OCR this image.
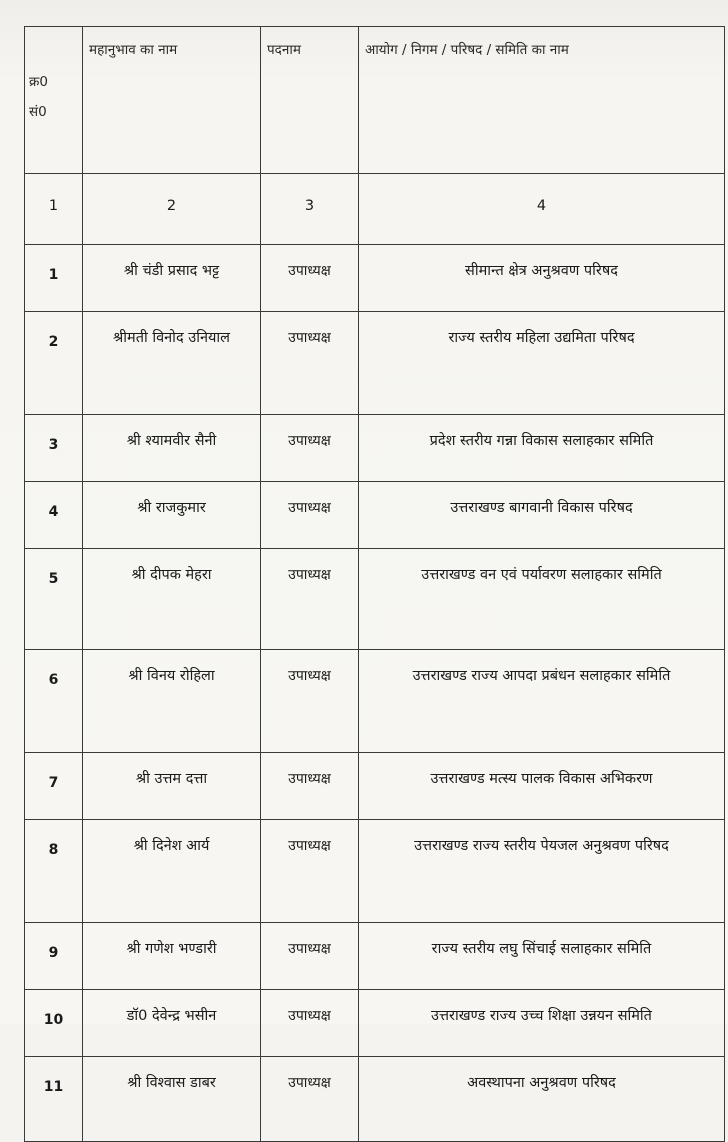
क्र0
सं0	महानुभाव का नाम	पदनाम	आयोग / निगम / परिषद / समिति का नाम
1	2	3	4
1	श्री चंडी प्रसाद भट्ट	उपाध्यक्ष	सीमान्त क्षेत्र अनुश्रवण परिषद
2	श्रीमती विनोद उनियाल	उपाध्यक्ष	राज्य स्तरीय महिला उद्यमिता परिषद
3	श्री श्यामवीर सैनी	उपाध्यक्ष	प्रदेश स्तरीय गन्ना विकास सलाहकार समिति
4	श्री राजकुमार	उपाध्यक्ष	उत्तराखण्ड बागवानी विकास परिषद
5	श्री दीपक मेहरा	उपाध्यक्ष	उत्तराखण्ड वन एवं पर्यावरण सलाहकार समिति
6	श्री विनय रोहिला	उपाध्यक्ष	उत्तराखण्ड राज्य आपदा प्रबंधन सलाहकार समिति
7	श्री उत्तम दत्ता	उपाध्यक्ष	उत्तराखण्ड मत्स्य पालक विकास अभिकरण
8	श्री दिनेश आर्य	उपाध्यक्ष	उत्तराखण्ड राज्य स्तरीय पेयजल अनुश्रवण परिषद
9	श्री गणेश भण्डारी	उपाध्यक्ष	राज्य स्तरीय लघु सिंचाई सलाहकार समिति
10	डॉ0 देवेन्द्र भसीन	उपाध्यक्ष	उत्तराखण्ड राज्य उच्च शिक्षा उन्नयन समिति
11	श्री विश्वास डाबर	उपाध्यक्ष	अवस्थापना अनुश्रवण परिषद
